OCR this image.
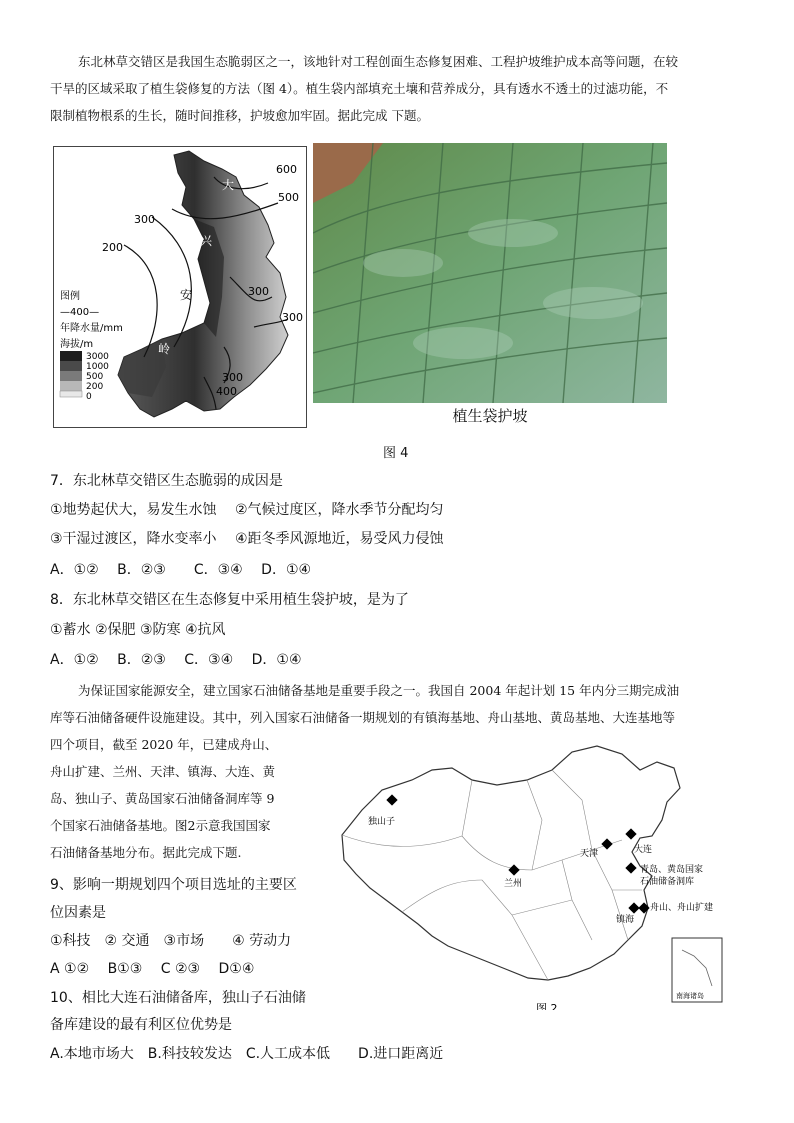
东北林草交错区是我国生态脆弱区之一，该地针对工程创面生态修复困难、工程护坡维护成本高等问题，在较
干旱的区域采取了植生袋修复的方法（图 4）。植生袋内部填充土壤和营养成分，具有透水不透土的过滤功能，不
限制植物根系的生长，随时间推移，护坡愈加牢固。据此完成 下题。
600
500
300
200
300
300
300
400
大
兴
安
岭
图例
—400—
年降水量/mm
海拔/m
3000
1000
500
200
0
植生袋护坡
图 4
7．东北林草交错区生态脆弱的成因是
①地势起伏大，易发生水蚀　 ②气候过度区，降水季节分配均匀
③干湿过渡区，降水变率小　 ④距冬季风源地近，易受风力侵蚀
A．①②　 B．②③　　C．③④　 D．①④
8．东北林草交错区在生态修复中采用植生袋护坡，是为了
①蓄水 ②保肥 ③防寒 ④抗风
A．①②　 B．②③　 C．③④　 D．①④
为保证国家能源安全，建立国家石油储备基地是重要手段之一。我国自 2004 年起计划 15 年内分三期完成油
库等石油储备硬件设施建设。其中，列入国家石油储备一期规划的有镇海基地、舟山基地、黄岛基地、大连基地等
四个项目，截至 2020 年，已建成舟山、
舟山扩建、兰州、天津、镇海、大连、黄
岛、独山子、黄岛国家石油储备洞库等 9
个国家石油储备基地。图2示意我国国家
石油储备基地分布。据此完成下题.
9、影响一期规划四个项目选址的主要区
位因素是
①科技　② 交通　③市场　　④ 劳动力
A ①②　 B①③　 C ②③　 D①④
10、相比大连石油储备库，独山子石油储
备库建设的最有利区位优势是
A.本地市场大　B.科技较发达　C.人工成本低　　D.进口距离近
独山子
天津	大连
兰州
青岛、黄岛国家
石油储备洞库
镇海
舟山、舟山扩建
南海诸岛
图 2
